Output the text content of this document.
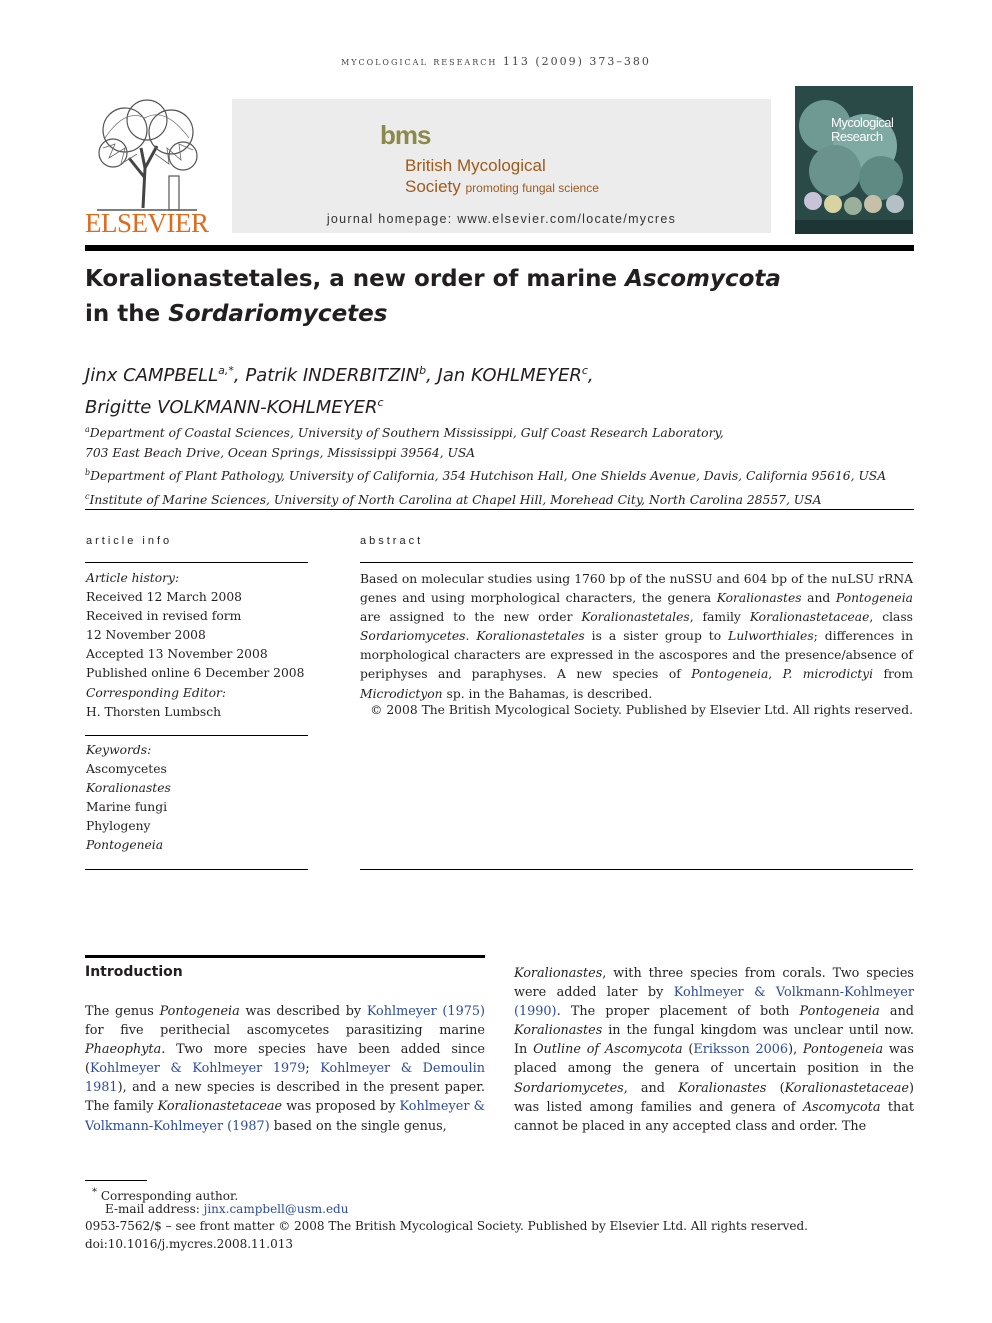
mycological research 113 (2009) 373–380
ELSEVIER
bms
British Mycological
Society promoting fungal science
journal homepage: www.elsevier.com/locate/mycres
Mycological
Research
Koralionastetales, a new order of marine Ascomycota
in the Sordariomycetes
Jinx $CAMPBELL^{a,*}$, Patrik INDERBITZIN$^b$, Jan KOHLMEYER$^c$,
Brigitte VOLKMANN-KOHLMEYER$^c$
$^a$Department of Coastal Sciences, University of Southern Mississippi, Gulf Coast Research Laboratory,
703 East Beach Drive, Ocean Springs, Mississippi 39564, USA
$^b$Department of Plant Pathology, University of California, 354 Hutchison Hall, One Shields Avenue, Davis, California 95616, USA
$^c$Institute of Marine Sciences, University of North Carolina at Chapel Hill, Morehead City, North Carolina 28557, USA
article info
Article history:
Received 12 March 2008
Received in revised form
12 November 2008
Accepted 13 November 2008
Published online 6 December 2008
Corresponding Editor:
H. Thorsten Lumbsch
Keywords:
Ascomycetes
Koralionastes
Marine fungi
Phylogeny
Pontogeneia
abstract
Based on molecular studies using 1760 bp of the nuSSU and 604 bp of the nuLSU rRNA genes and using morphological characters, the genera Koralionastes and Pontogeneia are assigned to the new order Koralionastetales, family Koralionastetaceae, class Sordariomycetes. Koralionastetales is a sister group to Lulworthiales; differences in morphological characters are expressed in the ascospores and the presence/absence of periphyses and paraphyses. A new species of Pontogeneia, P. microdictyi from Microdictyon sp. in the Bahamas, is described.
© 2008 The British Mycological Society. Published by Elsevier Ltd. All rights reserved.
Introduction
The genus Pontogeneia was described by Kohlmeyer (1975) for five perithecial ascomycetes parasitizing marine Phaeophyta. Two more species have been added since (Kohlmeyer & Kohlmeyer 1979; Kohlmeyer & Demoulin 1981), and a new species is described in the present paper. The family Koralionastetaceae was proposed by Kohlmeyer & Volkmann-Kohlmeyer (1987) based on the single genus,
Koralionastes, with three species from corals. Two species were added later by Kohlmeyer & Volkmann-Kohlmeyer (1990). The proper placement of both Pontogeneia and Koralionastes in the fungal kingdom was unclear until now. In Outline of Ascomycota (Eriksson 2006), Pontogeneia was placed among the genera of uncertain position in the Sordariomycetes, and Koralionastes (Koralionastetaceae) was listed among families and genera of Ascomycota that cannot be placed in any accepted class and order. The
* Corresponding author.
E-mail address: jinx.campbell@usm.edu
0953-7562/$ – see front matter © 2008 The British Mycological Society. Published by Elsevier Ltd. All rights reserved.
doi:10.1016/j.mycres.2008.11.013
